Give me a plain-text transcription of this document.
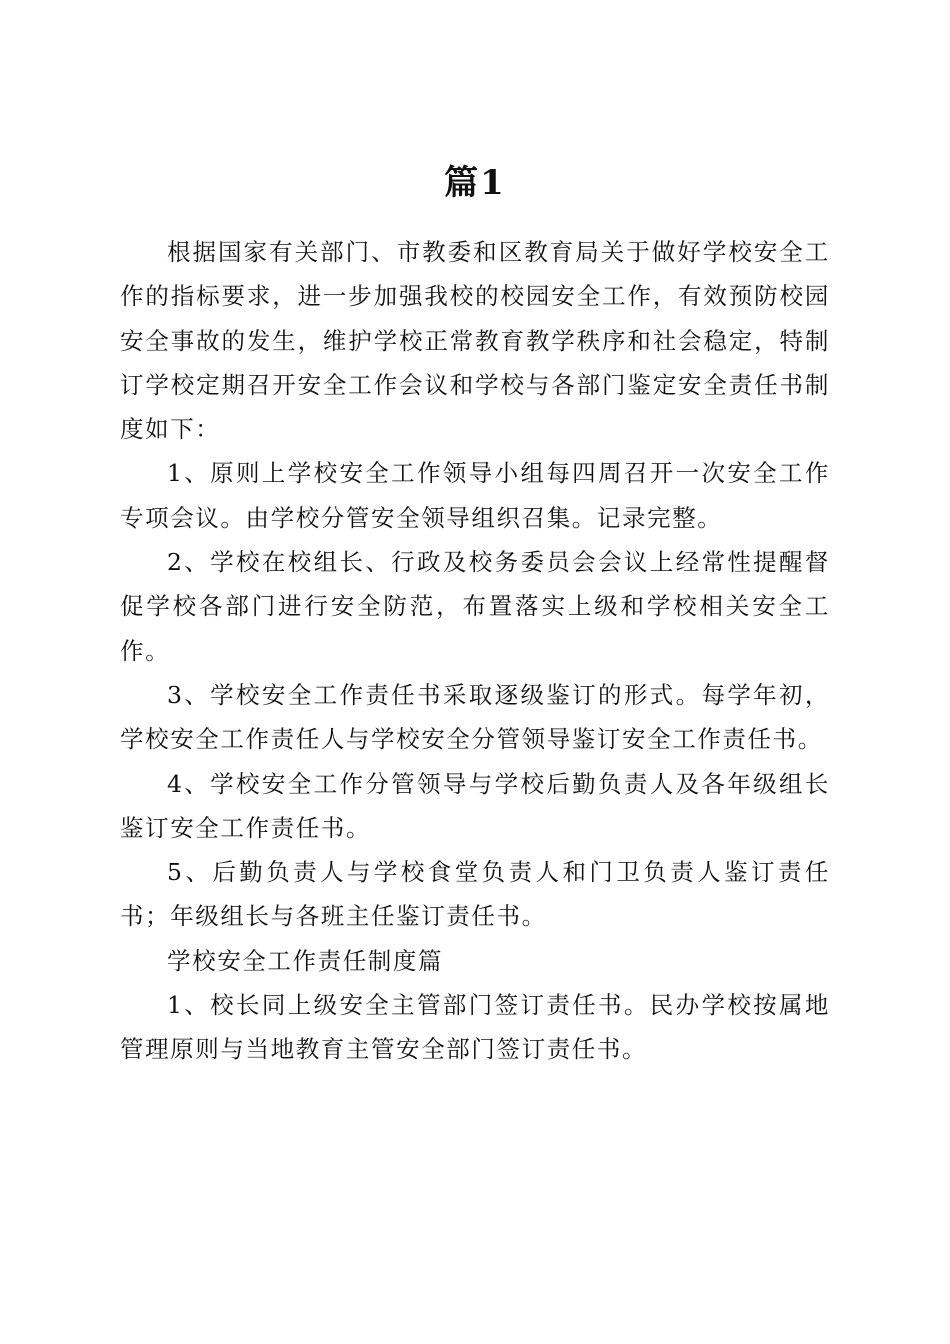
篇1

根据国家有关部门、市教委和区教育局关于做好学校安全工作的指标要求，进一步加强我校的校园安全工作，有效预防校园安全事故的发生，维护学校正常教育教学秩序和社会稳定，特制订学校定期召开安全工作会议和学校与各部门鉴定安全责任书制度如下：

1、原则上学校安全工作领导小组每四周召开一次安全工作专项会议。由学校分管安全领导组织召集。记录完整。

2、学校在校组长、行政及校务委员会会议上经常性提醒督促学校各部门进行安全防范，布置落实上级和学校相关安全工作。

3、学校安全工作责任书采取逐级鉴订的形式。每学年初，学校安全工作责任人与学校安全分管领导鉴订安全工作责任书。

4、学校安全工作分管领导与学校后勤负责人及各年级组长鉴订安全工作责任书。

5、后勤负责人与学校食堂负责人和门卫负责人鉴订责任书；年级组长与各班主任鉴订责任书。

学校安全工作责任制度篇

1、校长同上级安全主管部门签订责任书。民办学校按属地管理原则与当地教育主管安全部门签订责任书。
